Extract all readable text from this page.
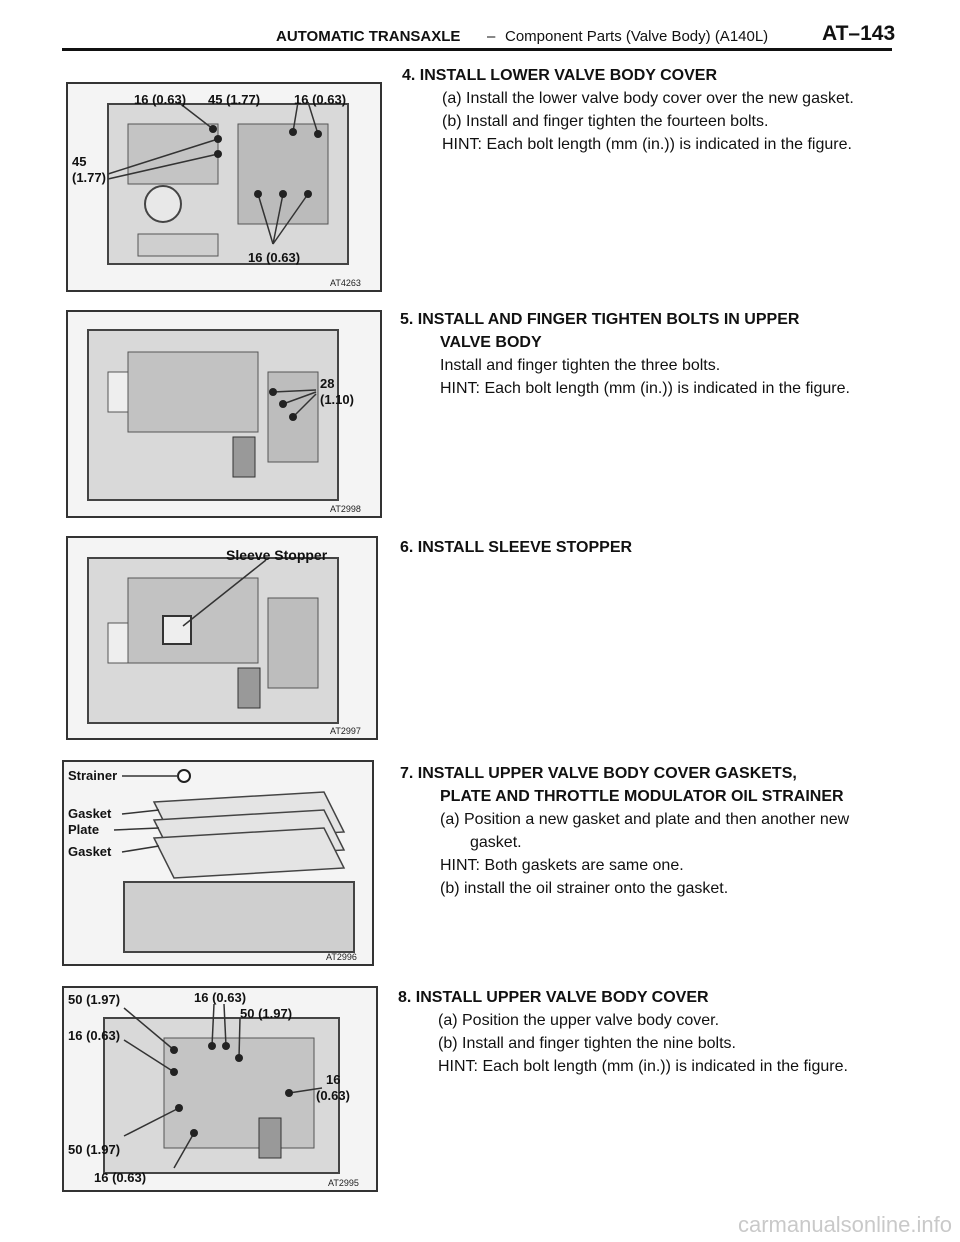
AUTOMATIC TRANSAXLE – Component Parts (Valve Body) (A140L)	AT–143
16 (0.63) 45 (1.77)	16 (0.63)
45
(1.77)
16 (0.63)
AT4263
4. INSTALL LOWER VALVE BODY COVER
(a) Install the lower valve body cover over the new gasket.
(b) Install and finger tighten the fourteen bolts.
HINT: Each bolt length (mm (in.)) is indicated in the figure.
28
(1.10)
AT2998
5. INSTALL AND FINGER TIGHTEN BOLTS IN UPPER
VALVE BODY
Install and finger tighten the three bolts.
HINT: Each bolt length (mm (in.)) is indicated in the figure.
Sleeve Stopper
AT2997
6. INSTALL SLEEVE STOPPER
Strainer
Gasket
Plate
Gasket
AT2996
7. INSTALL UPPER VALVE BODY COVER GASKETS,
PLATE AND THROTTLE MODULATOR OIL STRAINER
(a) Position a new gasket and plate and then another new
gasket.
HINT: Both gaskets are same one.
(b) install the oil strainer onto the gasket.
50 (1.97)	16 (0.63)
50 (1.97)
16 (0.63)
16
(0.63)
50 (1.97)
16 (0.63)	AT2995
8. INSTALL UPPER VALVE BODY COVER
(a) Position the upper valve body cover.
(b) Install and finger tighten the nine bolts.
HINT: Each bolt length (mm (in.)) is indicated in the figure.
carmanualsonline.info
